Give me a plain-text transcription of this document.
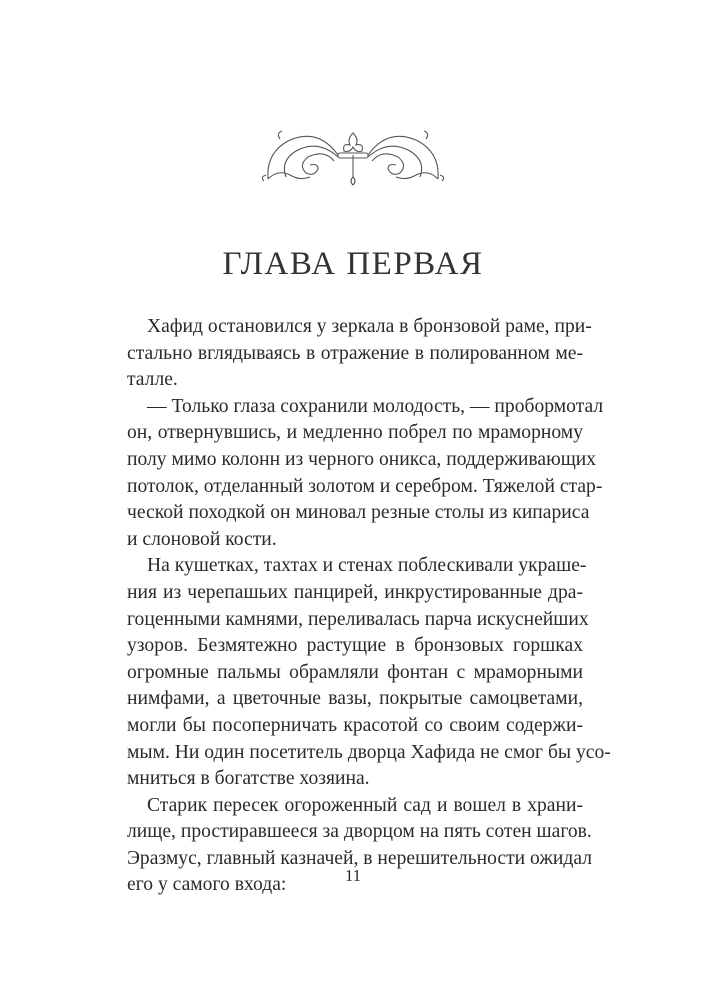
ГЛАВА ПЕРВАЯ
Хафид остановился у зеркала в бронзовой раме, при-
стально вглядываясь в отражение в полированном ме-
талле.
— Только глаза сохранили молодость, — пробормотал
он, отвернувшись, и медленно побрел по мраморному
полу мимо колонн из черного оникса, поддерживающих
потолок, отделанный золотом и серебром. Тяжелой стар-
ческой походкой он миновал резные столы из кипариса
и слоновой кости.
На кушетках, тахтах и стенах поблескивали украше-
ния из черепашьих панцирей, инкрустированные дра-
гоценными камнями, переливалась парча искуснейших
узоров. Безмятежно растущие в бронзовых горшках
огромные пальмы обрамляли фонтан с мраморными
нимфами, а цветочные вазы, покрытые самоцветами,
могли бы посоперничать красотой со своим содержи-
мым. Ни один посетитель дворца Хафида не смог бы усо-
мниться в богатстве хозяина.
Старик пересек огороженный сад и вошел в храни-
лище, простиравшееся за дворцом на пять сотен шагов.
Эразмус, главный казначей, в нерешительности ожидал
его у самого входа:	11
